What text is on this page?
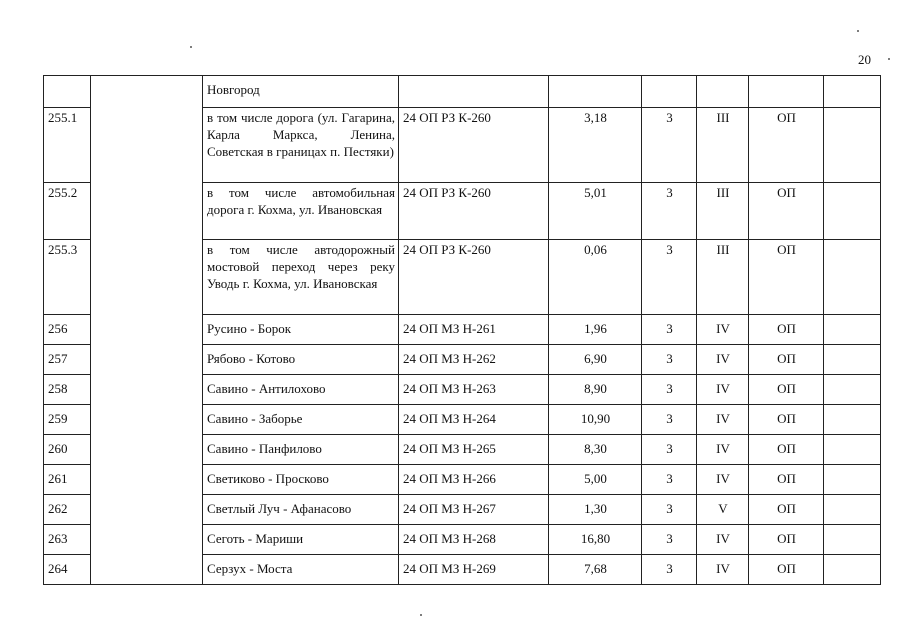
20
		Новгород						
255.1		в том числе дорога (ул. Гагарина, Карла Маркса, Ленина, Советская в границах п. Пестяки)	24 ОП РЗ К-260	3,18	3	III	ОП	
255.2		в том числе автомобильная дорога г. Кохма, ул. Ивановская	24 ОП РЗ К-260	5,01	3	III	ОП	
255.3		в том числе автодорожный мостовой переход через реку Уводь г. Кохма, ул. Ивановская	24 ОП РЗ К-260	0,06	3	III	ОП	
256		Русино - Борок	24 ОП МЗ Н-261	1,96	3	IV	ОП	
257		Рябово - Котово	24 ОП МЗ Н-262	6,90	3	IV	ОП	
258		Савино - Антилохово	24 ОП МЗ Н-263	8,90	3	IV	ОП	
259		Савино - Заборье	24 ОП МЗ Н-264	10,90	3	IV	ОП	
260		Савино - Панфилово	24 ОП МЗ Н-265	8,30	3	IV	ОП	
261		Светиково - Просково	24 ОП МЗ Н-266	5,00	3	IV	ОП	
262		Светлый Луч - Афанасово	24 ОП МЗ Н-267	1,30	3	V	ОП	
263		Сеготь - Мариши	24 ОП МЗ Н-268	16,80	3	IV	ОП	
264		Серзух - Моста	24 ОП МЗ Н-269	7,68	3	IV	ОП	
